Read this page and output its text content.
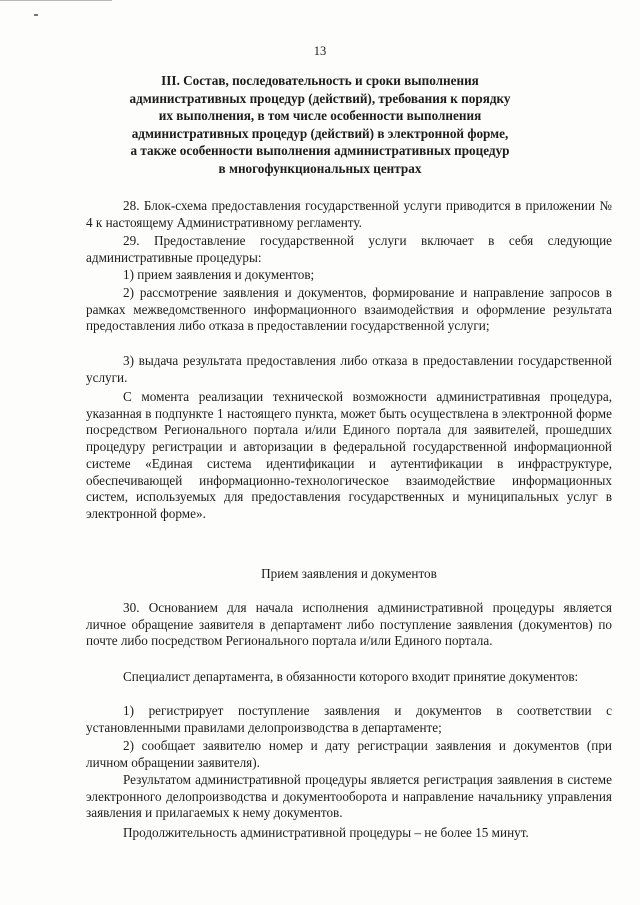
13
III. Состав, последовательность и сроки выполнения
административных процедур (действий), требования к порядку
их выполнения, в том числе особенности выполнения
административных процедур (действий) в электронной форме,
а также особенности выполнения административных процедур
в многофункциональных центрах

28. Блок-схема предоставления государственной услуги приводится в приложении № 4 к настоящему Административному регламенту.

29. Предоставление государственной услуги включает в себя следующие административные процедуры:

1) прием заявления и документов;

2) рассмотрение заявления и документов, формирование и направление запросов в рамках межведомственного информационного взаимодействия и оформление результата предоставления либо отказа в предоставлении государственной услуги;

3) выдача результата предоставления либо отказа в предоставлении государственной услуги.

С момента реализации технической возможности административная процедура, указанная в подпункте 1 настоящего пункта, может быть осуществлена в электронной форме посредством Регионального портала и/или Единого портала для заявителей, прошедших процедуру регистрации и авторизации в федеральной государственной информационной системе «Единая система идентификации и аутентификации в инфраструктуре, обеспечивающей информационно-технологическое взаимодействие информационных систем, используемых для предоставления государственных и муниципальных услуг в электронной форме».

Прием заявления и документов

30. Основанием для начала исполнения административной процедуры является личное обращение заявителя в департамент либо поступление заявления (документов) по почте либо посредством Регионального портала и/или Единого портала.

Специалист департамента, в обязанности которого входит принятие документов:

1) регистрирует поступление заявления и документов в соответствии с установленными правилами делопроизводства в департаменте;

2) сообщает заявителю номер и дату регистрации заявления и документов (при личном обращении заявителя).

Результатом административной процедуры является регистрация заявления в системе электронного делопроизводства и документооборота и направление начальнику управления заявления и прилагаемых к нему документов.

Продолжительность административной процедуры – не более 15 минут.
